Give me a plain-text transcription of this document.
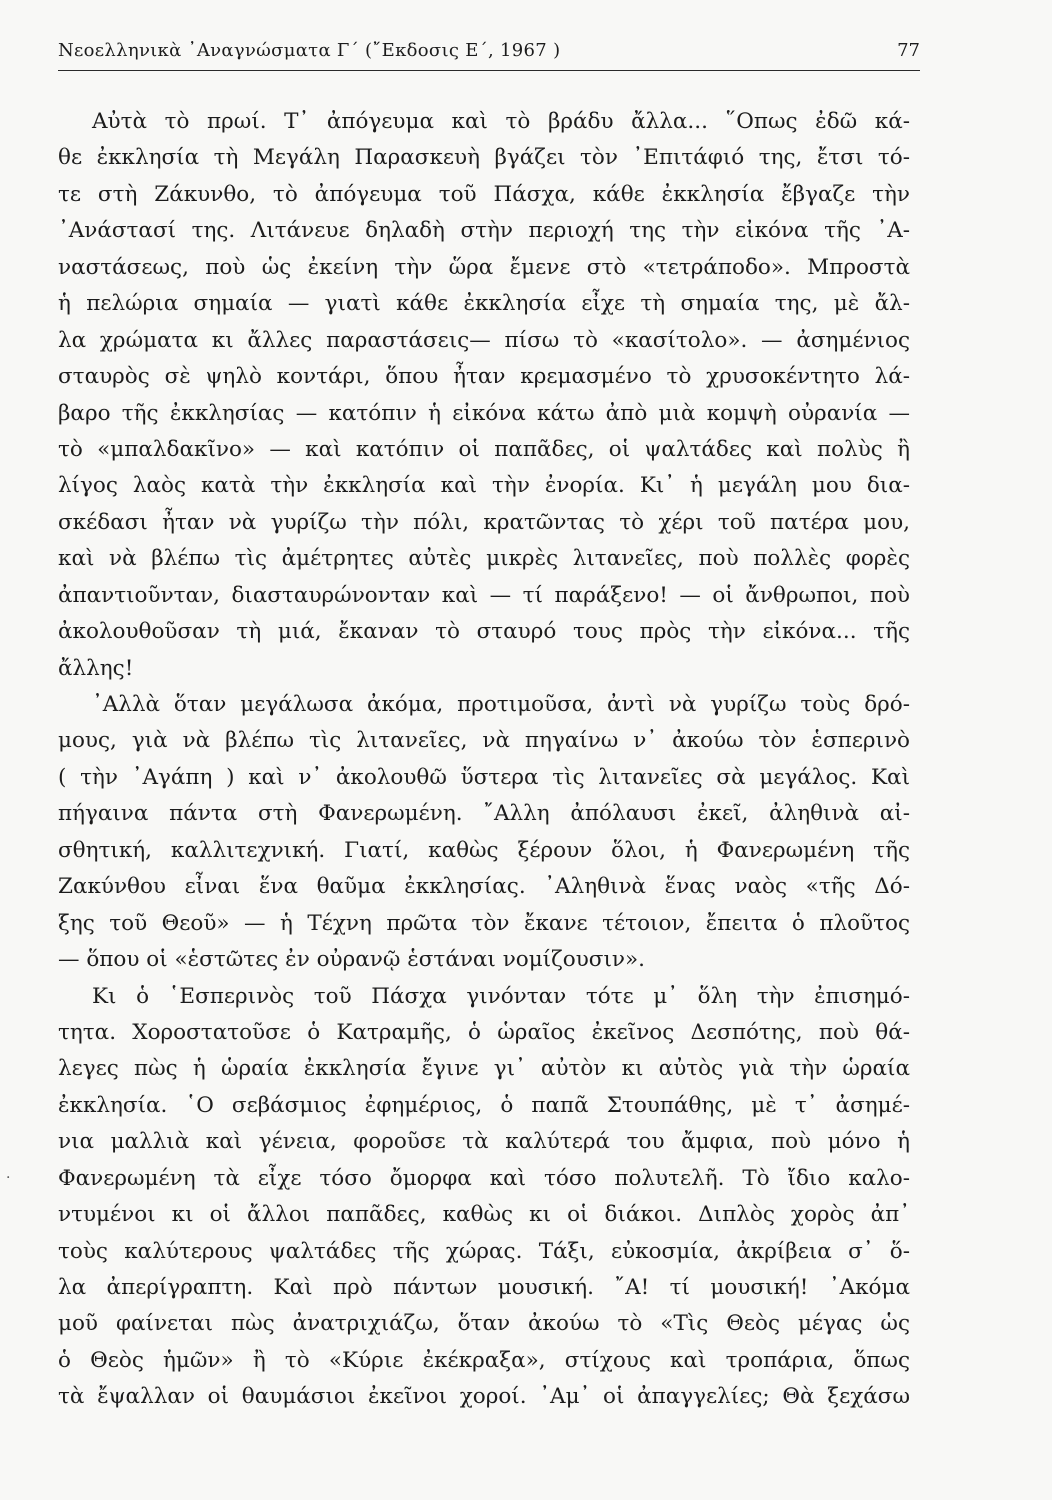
Νεοελληνικὰ ᾿Αναγνώσματα Γ΄ (῎Εκδοσις Ε΄, 1967 )	77
Αὐτὰ τὸ πρωί. Τ᾿ ἀπόγευμα καὶ τὸ βράδυ ἄλλα... ῞Οπως ἐδῶ κά-
θε ἐκκλησία τὴ Μεγάλη Παρασκευὴ βγάζει τὸν ᾿Επιτάφιό της, ἔτσι τό-
τε στὴ Ζάκυνθο, τὸ ἀπόγευμα τοῦ Πάσχα, κάθε ἐκκλησία ἔβγαζε τὴν
᾿Ανάστασί της. Λιτάνευε δηλαδὴ στὴν περιοχή της τὴν εἰκόνα τῆς ᾿Α-
ναστάσεως, ποὺ ὡς ἐκείνη τὴν ὥρα ἔμενε στὸ «τετράποδο». Μπροστὰ
ἡ πελώρια σημαία — γιατὶ κάθε ἐκκλησία εἶχε τὴ σημαία της, μὲ ἄλ-
λα χρώματα κι ἄλλες παραστάσεις— πίσω τὸ «κασίτολο». — ἀσημένιος
σταυρὸς σὲ ψηλὸ κοντάρι, ὅπου ἦταν κρεμασμένο τὸ χρυσοκέντητο λά-
βαρο τῆς ἐκκλησίας — κατόπιν ἡ εἰκόνα κάτω ἀπὸ μιὰ κομψὴ οὐρανία —
τὸ «μπαλδακῖνο» — καὶ κατόπιν οἱ παπᾶδες, οἱ ψαλτάδες καὶ πολὺς ἢ
λίγος λαὸς κατὰ τὴν ἐκκλησία καὶ τὴν ἐνορία. Κι᾿ ἡ μεγάλη μου δια-
σκέδασι ἦταν νὰ γυρίζω τὴν πόλι, κρατῶντας τὸ χέρι τοῦ πατέρα μου,
καὶ νὰ βλέπω τὶς ἀμέτρητες αὐτὲς μικρὲς λιτανεῖες, ποὺ πολλὲς φορὲς
ἀπαντιοῦνταν, διασταυρώνονταν καὶ — τί παράξενο! — οἱ ἄνθρωποι, ποὺ
ἀκολουθοῦσαν τὴ μιά, ἔκαναν τὸ σταυρό τους πρὸς τὴν εἰκόνα... τῆς
ἄλλης!
᾿Αλλὰ ὅταν μεγάλωσα ἀκόμα, προτιμοῦσα, ἀντὶ νὰ γυρίζω τοὺς δρό-
μους, γιὰ νὰ βλέπω τὶς λιτανεῖες, νὰ πηγαίνω ν᾿ ἀκούω τὸν ἑσπερινὸ
( τὴν ᾿Αγάπη ) καὶ ν᾿ ἀκολουθῶ ὕστερα τὶς λιτανεῖες σὰ μεγάλος. Καὶ
πήγαινα πάντα στὴ Φανερωμένη. ῎Αλλη ἀπόλαυσι ἐκεῖ, ἀληθινὰ αἰ-
σθητική, καλλιτεχνική. Γιατί, καθὼς ξέρουν ὅλοι, ἡ Φανερωμένη τῆς
Ζακύνθου εἶναι ἕνα θαῦμα ἐκκλησίας. ᾿Αληθινὰ ἕνας ναὸς «τῆς Δό-
ξης τοῦ Θεοῦ» — ἡ Τέχνη πρῶτα τὸν ἔκανε τέτοιον, ἔπειτα ὁ πλοῦτος
— ὅπου οἱ «ἑστῶτες ἐν οὐρανῷ ἑστάναι νομίζουσιν».
Κι ὁ ῾Εσπερινὸς τοῦ Πάσχα γινόνταν τότε μ᾿ ὅλη τὴν ἐπισημό-
τητα. Χοροστατοῦσε ὁ Κατραμῆς, ὁ ὡραῖος ἐκεῖνος Δεσπότης, ποὺ θά-
λεγες πὼς ἡ ὡραία ἐκκλησία ἔγινε γι᾿ αὐτὸν κι αὐτὸς γιὰ τὴν ὡραία
ἐκκλησία. ῾Ο σεβάσμιος ἐφημέριος, ὁ παπᾶ Στουπάθης, μὲ τ᾿ ἀσημέ-
νια μαλλιὰ καὶ γένεια, φοροῦσε τὰ καλύτερά του ἄμφια, ποὺ μόνο ἡ
Φανερωμένη τὰ εἶχε τόσο ὄμορφα καὶ τόσο πολυτελῆ. Τὸ ἴδιο καλο-
ντυμένοι κι οἱ ἄλλοι παπᾶδες, καθὼς κι οἱ διάκοι. Διπλὸς χορὸς ἀπ᾿
τοὺς καλύτερους ψαλτάδες τῆς χώρας. Τάξι, εὐκοσμία, ἀκρίβεια σ᾿ ὅ-
λα ἀπερίγραπτη. Καὶ πρὸ πάντων μουσική. ῎Α! τί μουσική! ᾿Ακόμα
μοῦ φαίνεται πὼς ἀνατριχιάζω, ὅταν ἀκούω τὸ «Τὶς Θεὸς μέγας ὡς
ὁ Θεὸς ἡμῶν» ἢ τὸ «Κύριε ἐκέκραξα», στίχους καὶ τροπάρια, ὅπως
τὰ ἔψαλλαν οἱ θαυμάσιοι ἐκεῖνοι χοροί. ᾿Αμ᾿ οἱ ἀπαγγελίες; Θὰ ξεχάσω
·
